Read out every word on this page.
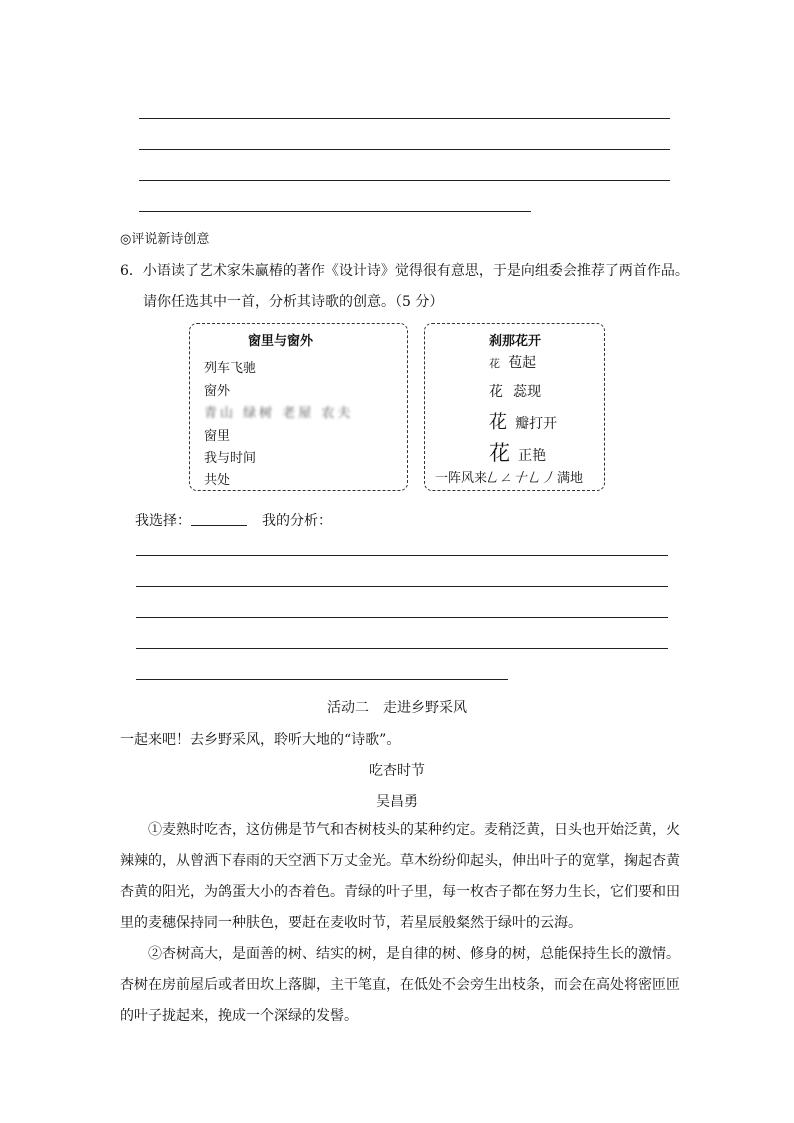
◎评说新诗创意
6．小语读了艺术家朱赢椿的著作《设计诗》觉得很有意思，于是向组委会推荐了两首作品。
请你任选其中一首，分析其诗歌的创意。（5 分）
窗里与窗外
列车飞驰
窗外
青山 绿树 老屋 农夫
窗里
我与时间
共处
刹那花开
花 苞起
花 蕊现
花 瓣打开
花 正艳
一阵风来乚ㄥ十乚丿满地
我选择：	我的分析：
活动二　走进乡野采风
一起来吧！去乡野采风，聆听大地的“诗歌”。
吃杏时节
吴昌勇
①麦熟时吃杏，这仿佛是节气和杏树枝头的某种约定。麦稍泛黄，日头也开始泛黄，火辣辣的，从曾洒下春雨的天空洒下万丈金光。草木纷纷仰起头，伸出叶子的宽掌，掬起杏黄杏黄的阳光，为鸽蛋大小的杏着色。青绿的叶子里，每一枚杏子都在努力生长，它们要和田里的麦穗保持同一种肤色，要赶在麦收时节，若星辰般粲然于绿叶的云海。
②杏树高大，是面善的树、结实的树，是自律的树、修身的树，总能保持生长的激情。杏树在房前屋后或者田坎上落脚，主干笔直，在低处不会旁生出枝条，而会在高处将密匝匝的叶子拢起来，挽成一个深绿的发髻。
